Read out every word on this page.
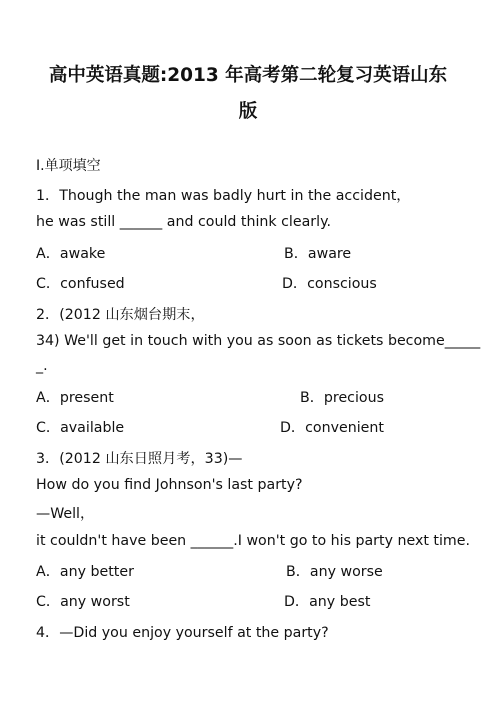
高中英语真题:2013 年高考第二轮复习英语山东
版
I.单项填空
1．Though the man was badly hurt in the accident，
he was still ______ and could think clearly.
A．awake	B．aware
C．confused	D．conscious
2．(2012 山东烟台期末，
34) We'll get in touch with you as soon as tickets become_____
_.
A．present	B．precious
C．available	D．convenient
3．(2012 山东日照月考，33)—
How do you find Johnson's last party?
—Well，
it couldn't have been ______.I won't go to his party next time.
A．any better	B．any worse
C．any worst	D．any best
4．—Did you enjoy yourself at the party?
